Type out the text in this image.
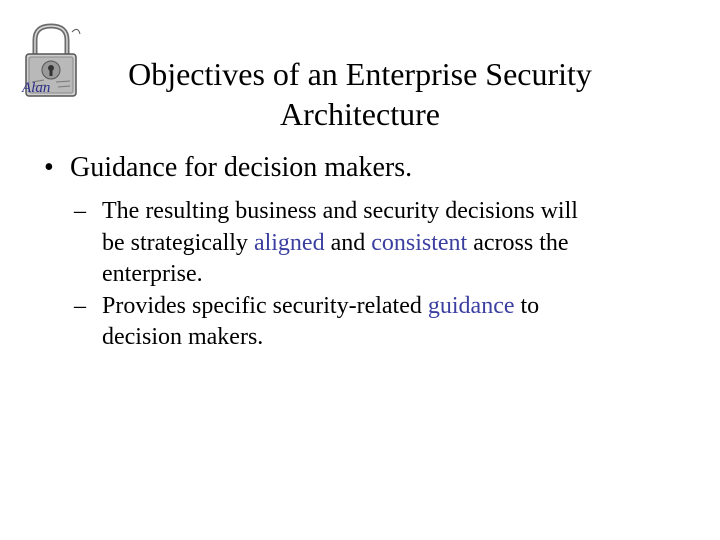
Alan	Objectives of an Enterprise Security
Architecture
• Guidance for decision makers.
– The resulting business and security decisions will
be strategically aligned and consistent across the
enterprise.
– Provides specific security-related guidance to
decision makers.
